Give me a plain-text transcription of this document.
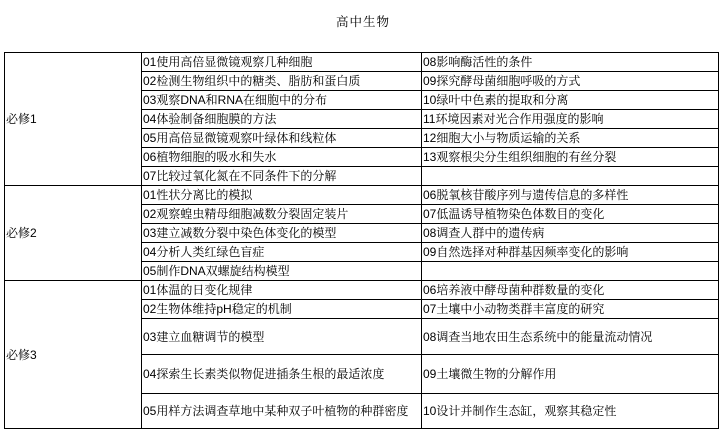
高中生物
必修1	01使用高倍显微镜观察几种细胞	08影响酶活性的条件
	02检测生物组织中的糖类、脂肪和蛋白质	09探究酵母菌细胞呼吸的方式
	03观察DNA和RNA在细胞中的分布	10绿叶中色素的提取和分离
	04体验制备细胞膜的方法	11环境因素对光合作用强度的影响
	05用高倍显微镜观察叶绿体和线粒体	12细胞大小与物质运输的关系
	06植物细胞的吸水和失水	13观察根尖分生组织细胞的有丝分裂
	07比较过氧化氮在不同条件下的分解	
必修2	01性状分离比的模拟	06脱氧核苷酸序列与遗传信息的多样性
	02观察蝗虫精母细胞减数分裂固定装片	07低温诱导植物染色体数目的变化
	03建立减数分裂中染色体变化的模型	08调查人群中的遗传病
	04分析人类红绿色盲症	09自然选择对种群基因频率变化的影响
	05制作DNA双螺旋结构模型	
必修3	01体温的日变化规律	06培养液中酵母菌种群数量的变化
	02生物体维持pH稳定的机制	07土壤中小动物类群丰富度的研究
	03建立血糖调节的模型	08调查当地农田生态系统中的能量流动情况
	04探索生长素类似物促进插条生根的最适浓度	09土壤微生物的分解作用
	05用样方法调查草地中某种双子叶植物的种群密度	10设计并制作生态缸，观察其稳定性
